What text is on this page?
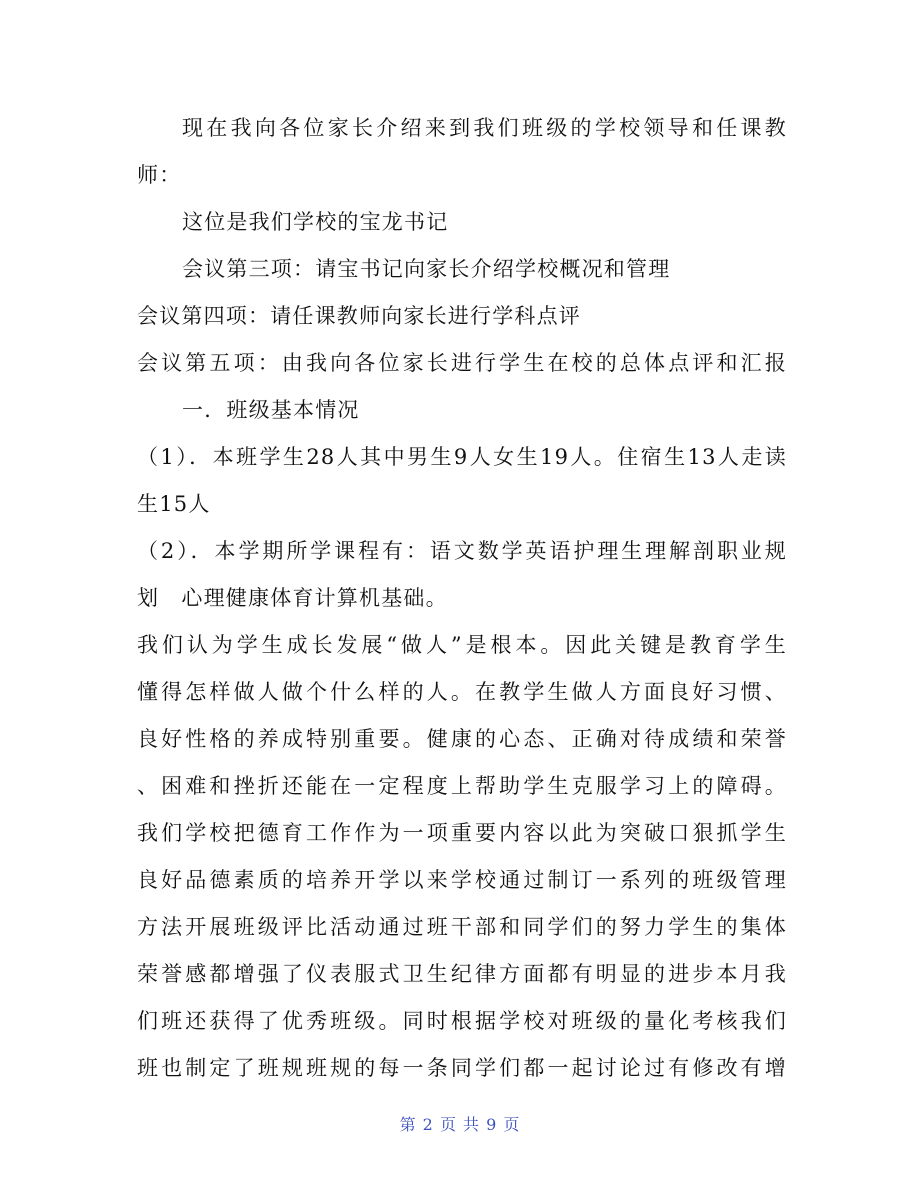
现在我向各位家长介绍来到我们班级的学校领导和任课教
师：
这位是我们学校的宝龙书记
会议第三项：请宝书记向家长介绍学校概况和管理
会议第四项：请任课教师向家长进行学科点评
会议第五项：由我向各位家长进行学生在校的总体点评和汇报
一．班级基本情况
（1）．本班学生28人其中男生9人女生19人。住宿生13人走读
生15人
（2）．本学期所学课程有：语文数学英语护理生理解剖职业规
划　心理健康体育计算机基础。
我们认为学生成长发展“做人”是根本。因此关键是教育学生
懂得怎样做人做个什么样的人。在教学生做人方面良好习惯、
良好性格的养成特别重要。健康的心态、正确对待成绩和荣誉
、困难和挫折还能在一定程度上帮助学生克服学习上的障碍。
我们学校把德育工作作为一项重要内容以此为突破口狠抓学生
良好品德素质的培养开学以来学校通过制订一系列的班级管理
方法开展班级评比活动通过班干部和同学们的努力学生的集体
荣誉感都增强了仪表服式卫生纪律方面都有明显的进步本月我
们班还获得了优秀班级。同时根据学校对班级的量化考核我们
班也制定了班规班规的每一条同学们都一起讨论过有修改有增
第 2 页 共 9 页
